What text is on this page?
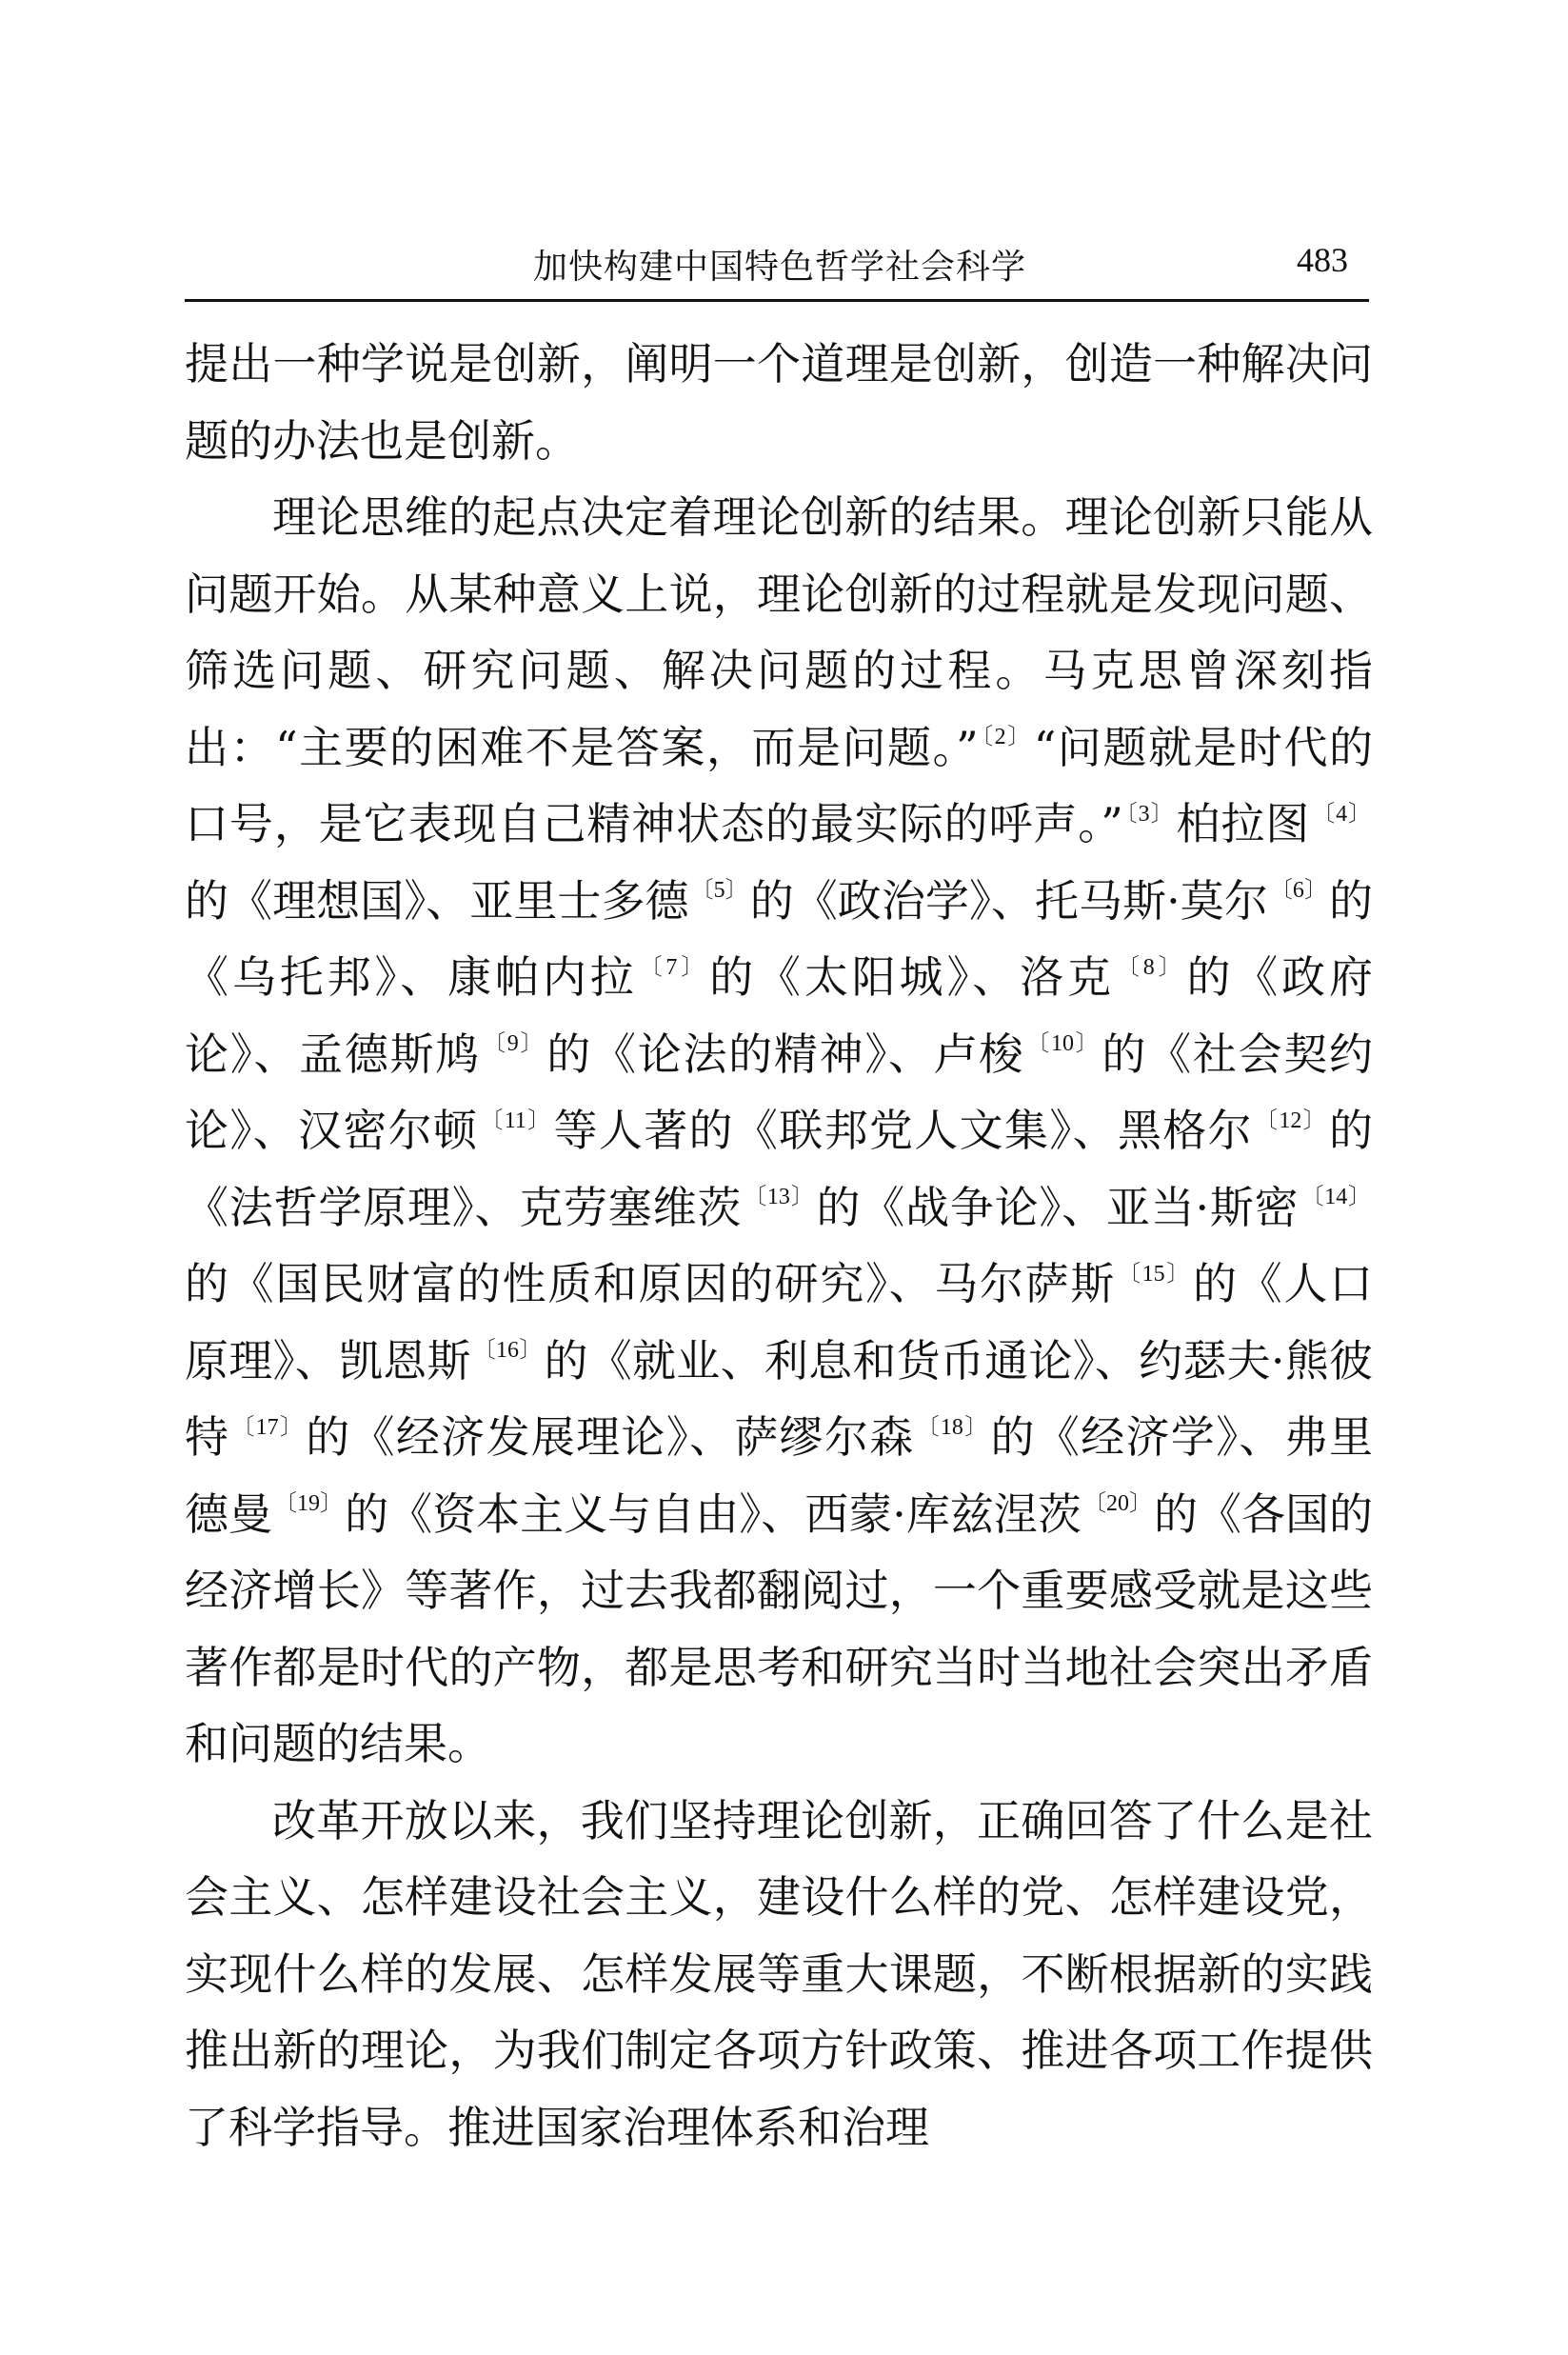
加快构建中国特色哲学社会科学	483

提出一种学说是创新，阐明一个道理是创新，创造一种解决问题的办法也是创新。

理论思维的起点决定着理论创新的结果。理论创新只能从问题开始。从某种意义上说，理论创新的过程就是发现问题、筛选问题、研究问题、解决问题的过程。马克思曾深刻指出：“主要的困难不是答案，而是问题。”$^{〔2〕}$“问题就是时代的口号，是它表现自己精神状态的最实际的呼声。”$^{〔3〕}$柏拉图$^{〔4〕}$的《理想国》、亚里士多德$^{〔5〕}$的《政治学》、托马斯·莫尔$^{〔6〕}$的《乌托邦》、康帕内拉$^{〔7〕}$的《太阳城》、洛克$^{〔8〕}$的《政府论》、孟德斯鸠$^{〔9〕}$的《论法的精神》、卢梭$^{〔10〕}$的《社会契约论》、汉密尔顿$^{〔11〕}$等人著的《联邦党人文集》、黑格尔$^{〔12〕}$的《法哲学原理》、克劳塞维茨$^{〔13〕}$的《战争论》、亚当·斯密$^{〔14〕}$的《国民财富的性质和原因的研究》、马尔萨斯$^{〔15〕}$的《人口原理》、凯恩斯$^{〔16〕}$的《就业、利息和货币通论》、约瑟夫·熊彼特$^{〔17〕}$的《经济发展理论》、萨缪尔森$^{〔18〕}$的《经济学》、弗里德曼$^{〔19〕}$的《资本主义与自由》、西蒙·库兹涅茨$^{〔20〕}$的《各国的经济增长》等著作，过去我都翻阅过，一个重要感受就是这些著作都是时代的产物，都是思考和研究当时当地社会突出矛盾和问题的结果。

改革开放以来，我们坚持理论创新，正确回答了什么是社会主义、怎样建设社会主义，建设什么样的党、怎样建设党，实现什么样的发展、怎样发展等重大课题，不断根据新的实践推出新的理论，为我们制定各项方针政策、推进各项工作提供了科学指导。推进国家治理体系和治理
